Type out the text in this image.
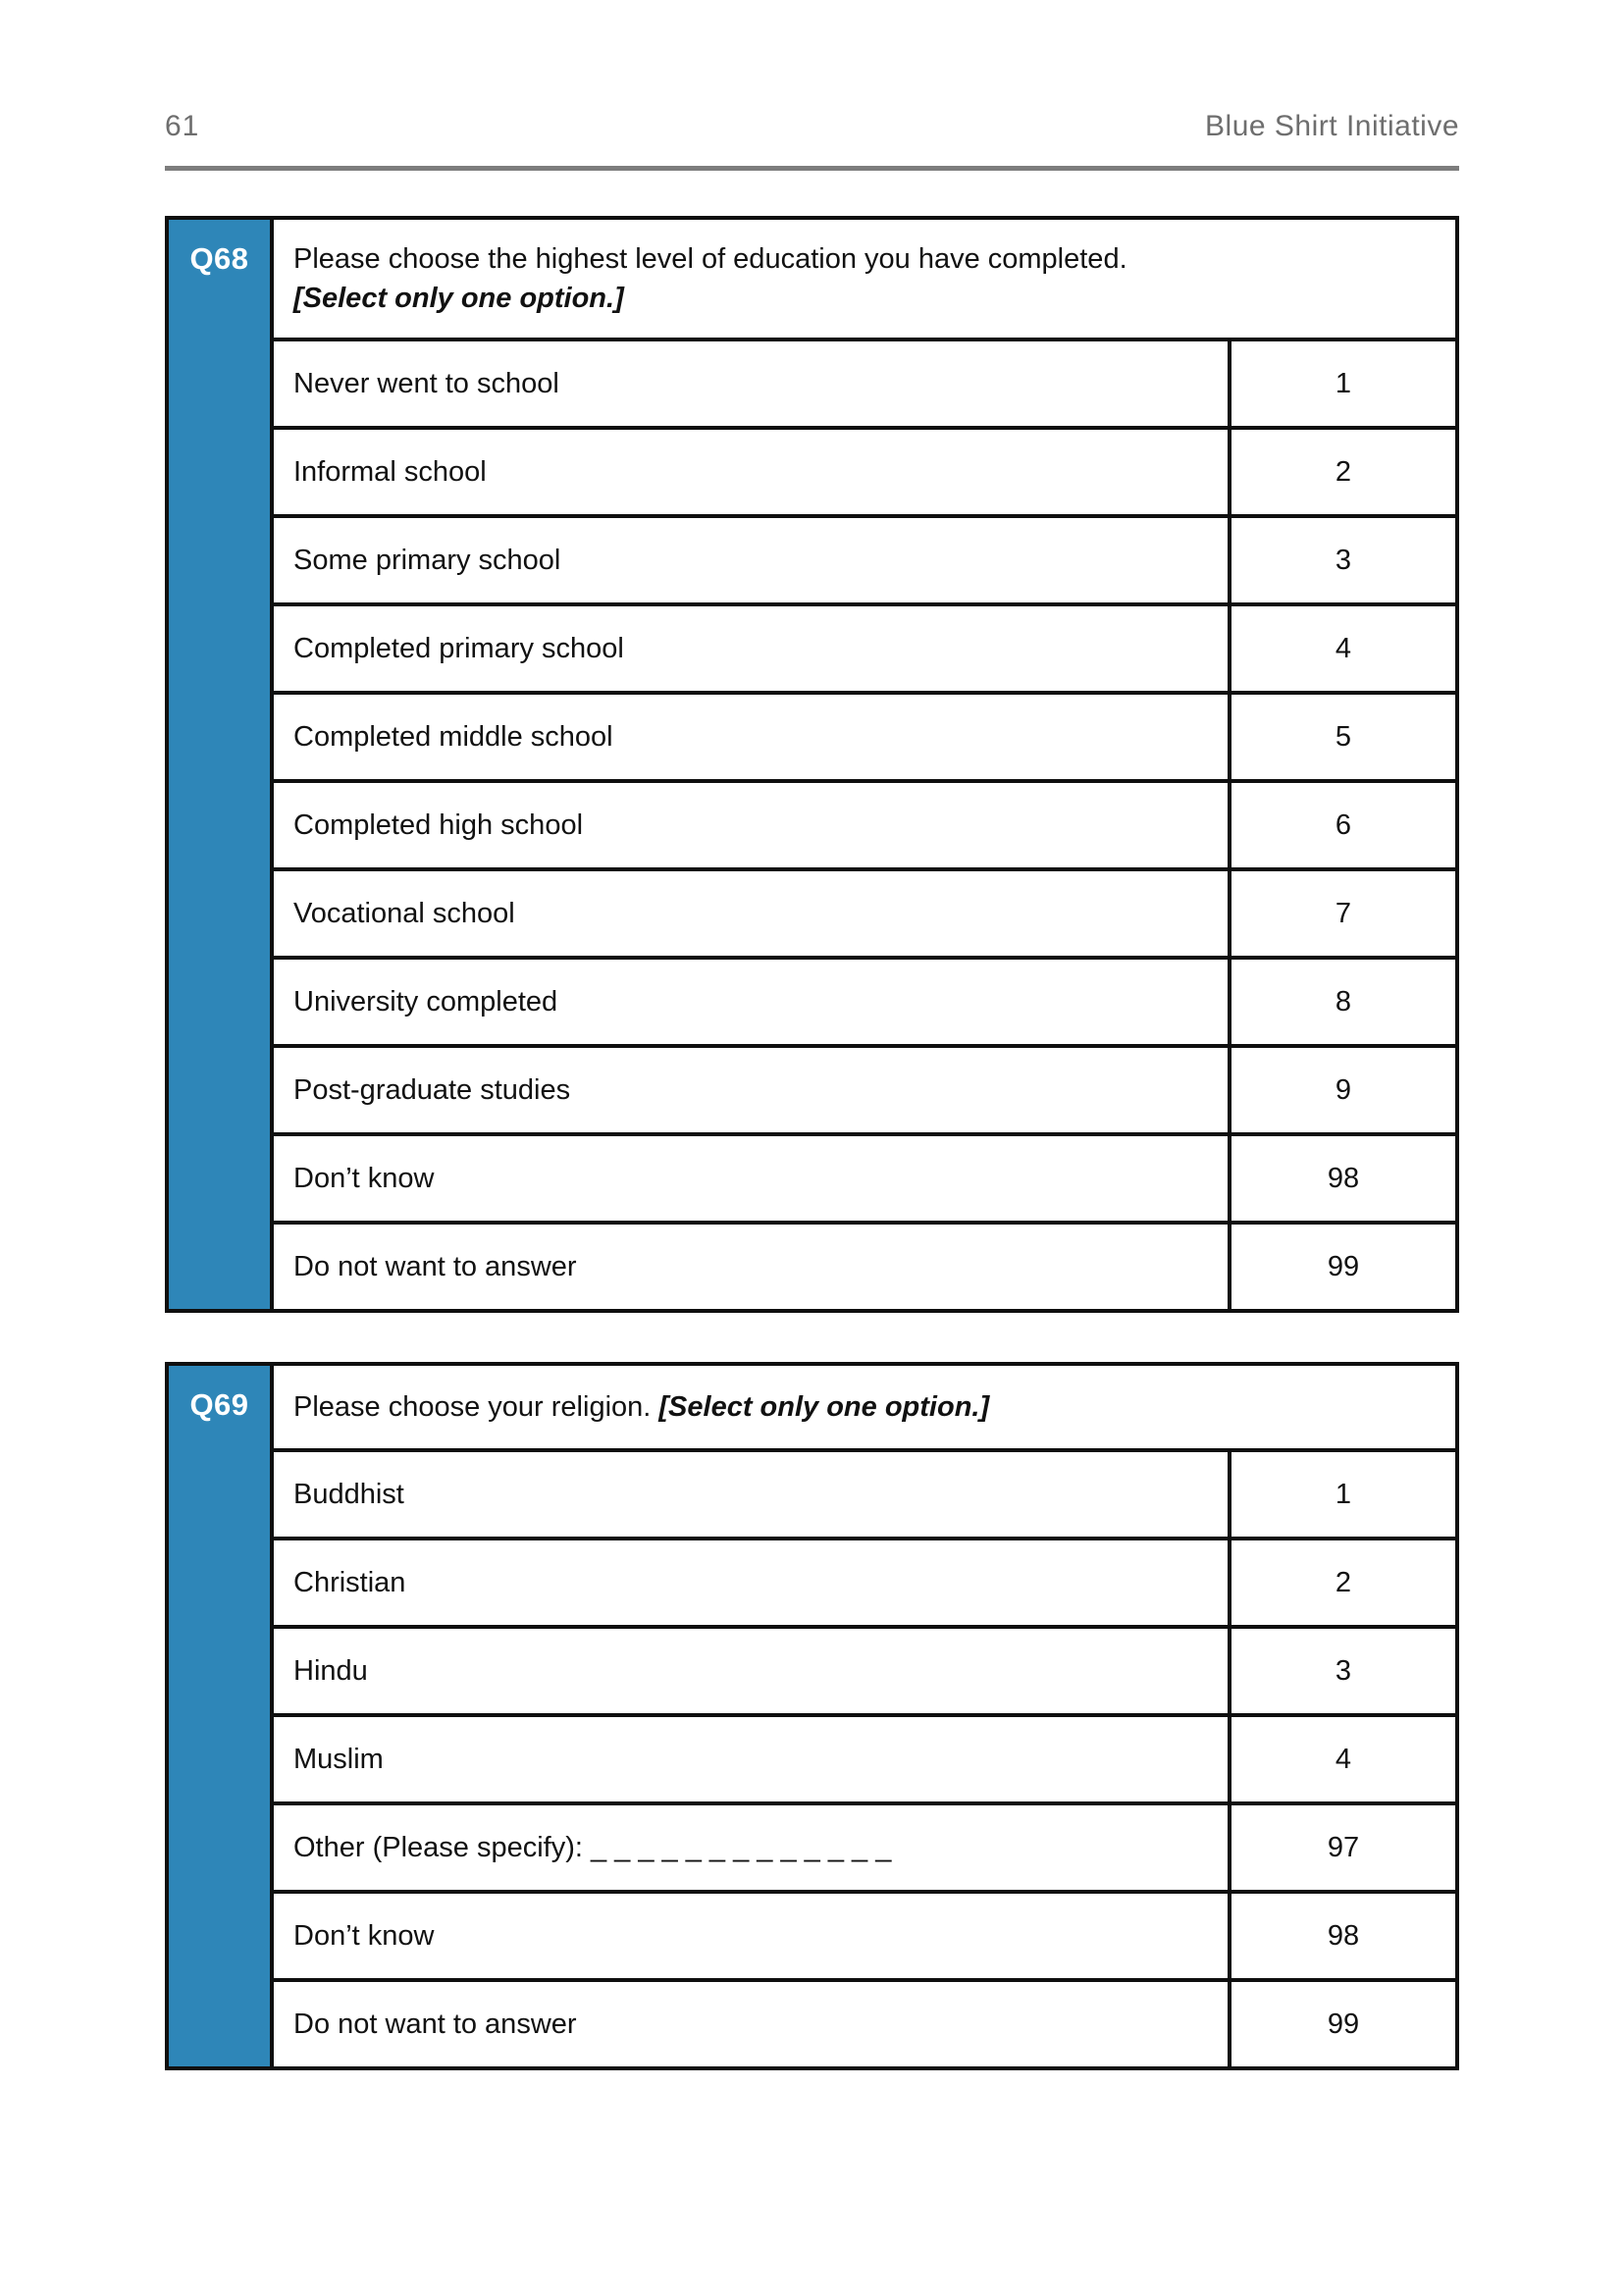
61	Blue Shirt Initiative
Q68	Please choose the highest level of education you have completed.
[Select only one option.]	

	Never went to school	1
	Informal school	2
	Some primary school	3
	Completed primary school	4
	Completed middle school	5
	Completed high school	6
	Vocational school	7
	University completed	8
	Post-graduate studies	9
	Don’t know	98
	Do not want to answer	99
Q69	Please choose your religion. [Select only one option.]	
	Buddhist	1
	Christian	2
	Hindu	3
	Muslim	4
	Other (Please specify): _ _ _ _ _ _ _ _ _ _ _ _ _	97
	Don’t know	98
	Do not want to answer	99
